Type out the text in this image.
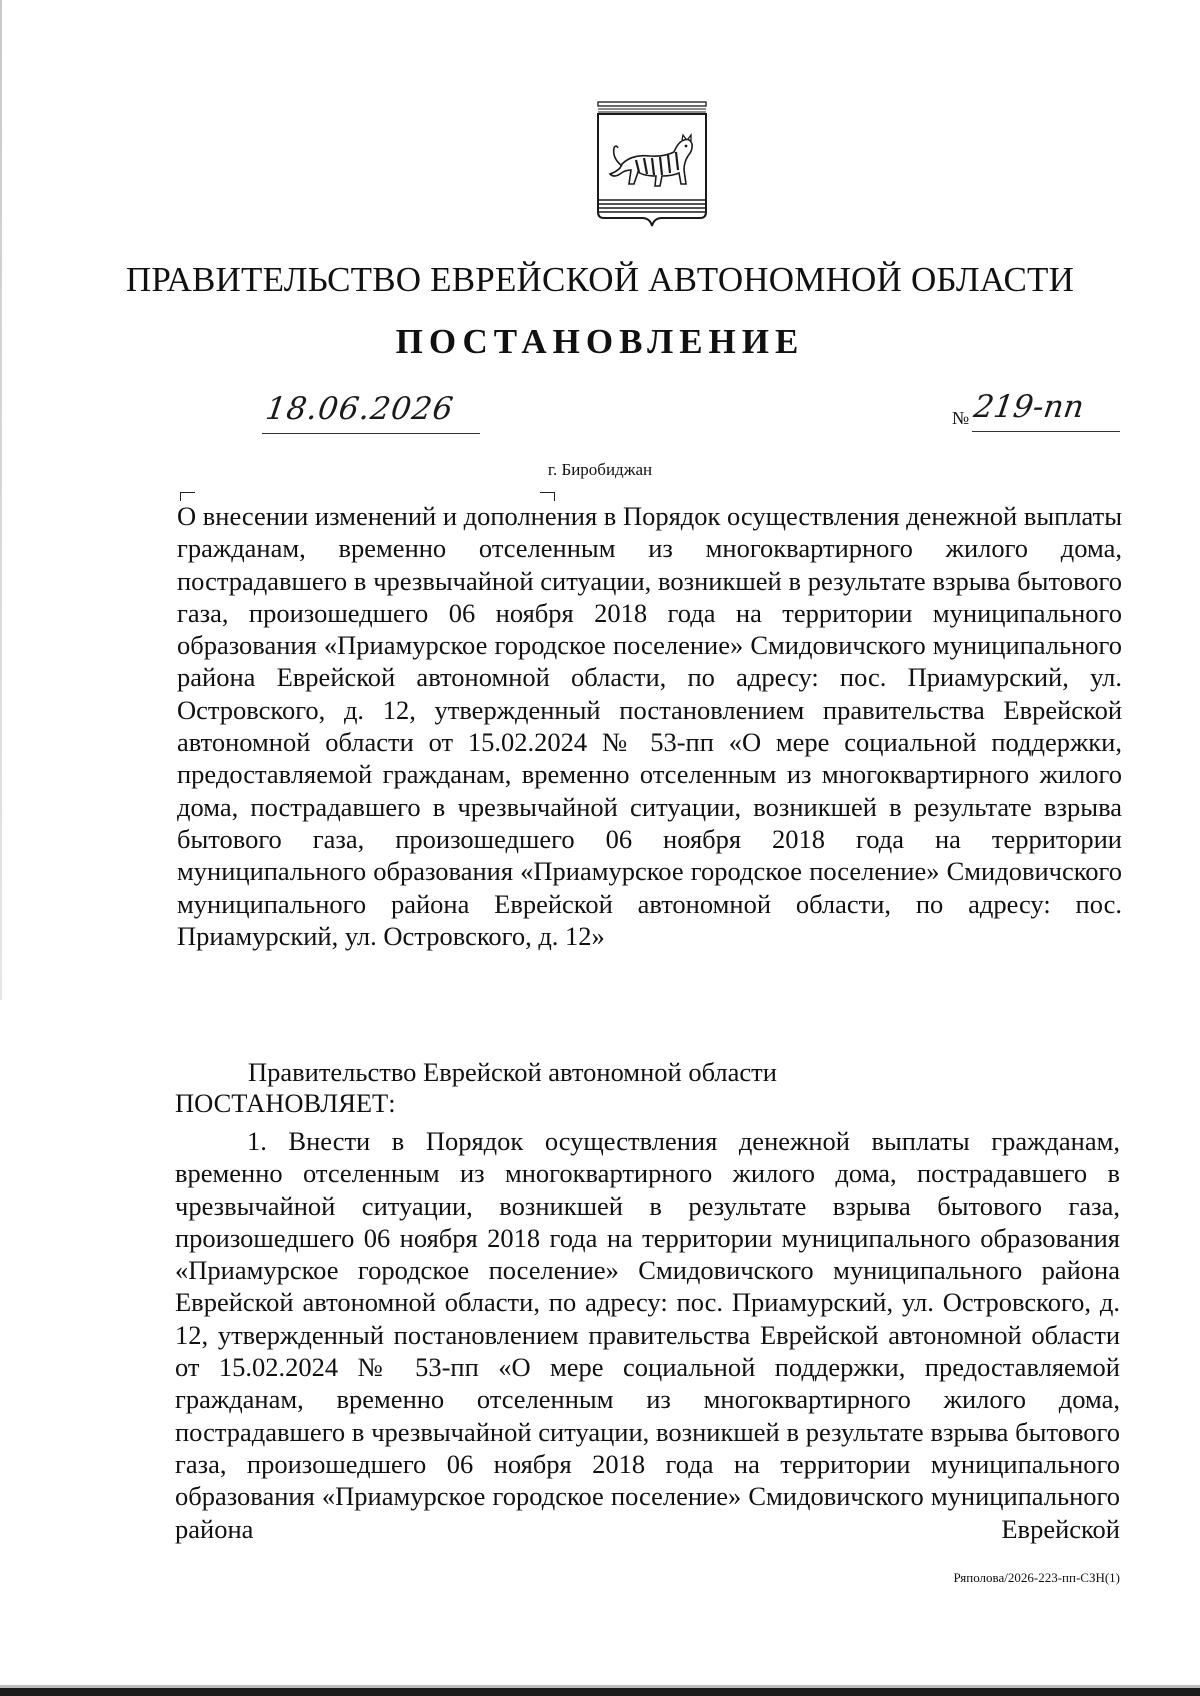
ПРАВИТЕЛЬСТВО ЕВРЕЙСКОЙ АВТОНОМНОЙ ОБЛАСТИ
ПОСТАНОВЛЕНИЕ
18.06.2026	№ 219-пп
г. Биробиджан

О внесении изменений и дополнения в Порядок осуществления денежной выплаты гражданам, временно отселенным из многоквартирного жилого дома, пострадавшего в чрезвычайной ситуации, возникшей в результате взрыва бытового газа, произошедшего 06 ноября 2018 года на территории муниципального образования «Приамурское городское поселение» Смидовичского муниципального района Еврейской автономной области, по адресу: пос. Приамурский, ул. Островского, д. 12, утвержденный постановлением правительства Еврейской автономной области от 15.02.2024 № 53-пп «О мере социальной поддержки, предоставляемой гражданам, временно отселенным из многоквартирного жилого дома, пострадавшего в чрезвычайной ситуации, возникшей в результате взрыва бытового газа, произошедшего 06 ноября 2018 года на территории муниципального образования «Приамурское городское поселение» Смидовичского муниципального района Еврейской автономной области, по адресу: пос. Приамурский, ул. Островского, д. 12»

Правительство Еврейской автономной области

ПОСТАНОВЛЯЕТ:

1. Внести в Порядок осуществления денежной выплаты гражданам, временно отселенным из многоквартирного жилого дома, пострадавшего в чрезвычайной ситуации, возникшей в результате взрыва бытового газа, произошедшего 06 ноября 2018 года на территории муниципального образования «Приамурское городское поселение» Смидовичского муниципального района Еврейской автономной области, по адресу: пос. Приамурский, ул. Островского, д. 12, утвержденный постановлением правительства Еврейской автономной области от 15.02.2024 № 53-пп «О мере социальной поддержки, предоставляемой гражданам, временно отселенным из многоквартирного жилого дома, пострадавшего в чрезвычайной ситуации, возникшей в результате взрыва бытового газа, произошедшего 06 ноября 2018 года на территории муниципального образования «Приамурское городское поселение» Смидовичского муниципального района Еврейской

Ряполова/2026-223-пп-СЗН(1)
